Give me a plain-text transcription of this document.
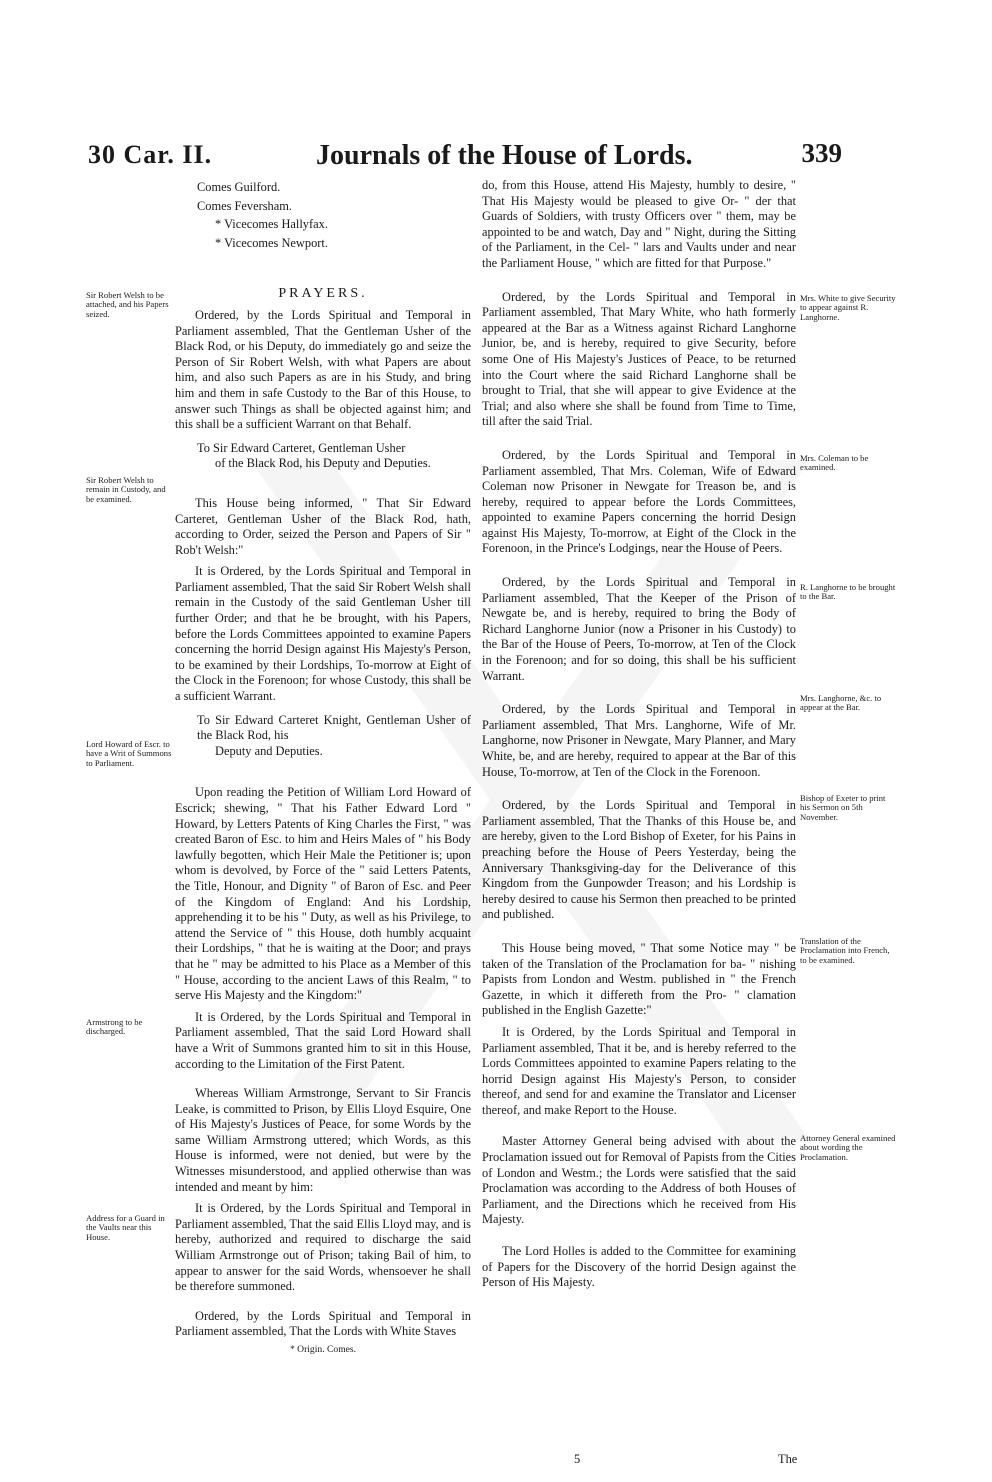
30 Car. II.	Journals of the House of Lords.	339
Comes Guilford.
Comes Feversham.
* Vicecomes Hallyfax.
* Vicecomes Newport.
PRAYERS.

Ordered, by the Lords Spiritual and Temporal in Parliament assembled, That the Gentleman Usher of the Black Rod, or his Deputy, do immediately go and seize the Person of Sir Robert Welsh, with what Papers are about him, and also such Papers as are in his Study, and bring him and them in safe Custody to the Bar of this House, to answer such Things as shall be objected against him; and this shall be a sufficient Warrant on that Behalf.

To Sir Edward Carteret, Gentleman Usher
of the Black Rod, his Deputy and Deputies.

This House being informed, " That Sir Edward Carteret, Gentleman Usher of the Black Rod, hath, according to Order, seized the Person and Papers of Sir " Rob't Welsh:"

It is Ordered, by the Lords Spiritual and Temporal in Parliament assembled, That the said Sir Robert Welsh shall remain in the Custody of the said Gentleman Usher till further Order; and that he be brought, with his Papers, before the Lords Committees appointed to examine Papers concerning the horrid Design against His Majesty's Person, to be examined by their Lordships, To-morrow at Eight of the Clock in the Forenoon; for whose Custody, this shall be a sufficient Warrant.

To Sir Edward Carteret Knight, Gentleman Usher of the Black Rod, his
Deputy and Deputies.

Upon reading the Petition of William Lord Howard of Escrick; shewing, " That his Father Edward Lord " Howard, by Letters Patents of King Charles the First, " was created Baron of Esc. to him and Heirs Males of " his Body lawfully begotten, which Heir Male the Petitioner is; upon whom is devolved, by Force of the " said Letters Patents, the Title, Honour, and Dignity " of Baron of Esc. and Peer of the Kingdom of England: And his Lordship, apprehending it to be his " Duty, as well as his Privilege, to attend the Service of " this House, doth humbly acquaint their Lordships, " that he is waiting at the Door; and prays that he " may be admitted to his Place as a Member of this " House, according to the ancient Laws of this Realm, " to serve His Majesty and the Kingdom:"

It is Ordered, by the Lords Spiritual and Temporal in Parliament assembled, That the said Lord Howard shall have a Writ of Summons granted him to sit in this House, according to the Limitation of the First Patent.

Whereas William Armstronge, Servant to Sir Francis Leake, is committed to Prison, by Ellis Lloyd Esquire, One of His Majesty's Justices of Peace, for some Words by the same William Armstrong uttered; which Words, as this House is informed, were not denied, but were by the Witnesses misunderstood, and applied otherwise than was intended and meant by him:

It is Ordered, by the Lords Spiritual and Temporal in Parliament assembled, That the said Ellis Lloyd may, and is hereby, authorized and required to discharge the said William Armstronge out of Prison; taking Bail of him, to appear to answer for the said Words, whensoever he shall be therefore summoned.

Ordered, by the Lords Spiritual and Temporal in Parliament assembled, That the Lords with White Staves

* Origin. Comes.

do, from this House, attend His Majesty, humbly to desire, " That His Majesty would be pleased to give Or- " der that Guards of Soldiers, with trusty Officers over " them, may be appointed to be and watch, Day and " Night, during the Sitting of the Parliament, in the Cel- " lars and Vaults under and near the Parliament House, " which are fitted for that Purpose."

Ordered, by the Lords Spiritual and Temporal in Parliament assembled, That Mary White, who hath formerly appeared at the Bar as a Witness against Richard Langhorne Junior, be, and is hereby, required to give Security, before some One of His Majesty's Justices of Peace, to be returned into the Court where the said Richard Langhorne shall be brought to Trial, that she will appear to give Evidence at the Trial; and also where she shall be found from Time to Time, till after the said Trial.

Ordered, by the Lords Spiritual and Temporal in Parliament assembled, That Mrs. Coleman, Wife of Edward Coleman now Prisoner in Newgate for Treason be, and is hereby, required to appear before the Lords Committees, appointed to examine Papers concerning the horrid Design against His Majesty, To-morrow, at Eight of the Clock in the Forenoon, in the Prince's Lodgings, near the House of Peers.

Ordered, by the Lords Spiritual and Temporal in Parliament assembled, That the Keeper of the Prison of Newgate be, and is hereby, required to bring the Body of Richard Langhorne Junior (now a Prisoner in his Custody) to the Bar of the House of Peers, To-morrow, at Ten of the Clock in the Forenoon; and for so doing, this shall be his sufficient Warrant.

Ordered, by the Lords Spiritual and Temporal in Parliament assembled, That Mrs. Langhorne, Wife of Mr. Langhorne, now Prisoner in Newgate, Mary Planner, and Mary White, be, and are hereby, required to appear at the Bar of this House, To-morrow, at Ten of the Clock in the Forenoon.

Ordered, by the Lords Spiritual and Temporal in Parliament assembled, That the Thanks of this House be, and are hereby, given to the Lord Bishop of Exeter, for his Pains in preaching before the House of Peers Yesterday, being the Anniversary Thanksgiving-day for the Deliverance of this Kingdom from the Gunpowder Treason; and his Lordship is hereby desired to cause his Sermon then preached to be printed and published.

This House being moved, " That some Notice may " be taken of the Translation of the Proclamation for ba- " nishing Papists from London and Westm. published in " the French Gazette, in which it differeth from the Pro- " clamation published in the English Gazette:"

It is Ordered, by the Lords Spiritual and Temporal in Parliament assembled, That it be, and is hereby referred to the Lords Committees appointed to examine Papers relating to the horrid Design against His Majesty's Person, to consider thereof, and send for and examine the Translator and Licenser thereof, and make Report to the House.

Master Attorney General being advised with about the Proclamation issued out for Removal of Papists from the Cities of London and Westm.; the Lords were satisfied that the said Proclamation was according to the Address of both Houses of Parliament, and the Directions which he received from His Majesty.

The Lord Holles is added to the Committee for examining of Papers for the Discovery of the horrid Design against the Person of His Majesty.

Sir Robert Welsh to be attached, and his Papers seized.
Sir Robert Welsh to remain in Custody, and be examined.
Lord Howard of Escr. to have a Writ of Summons to Parliament.
Armstrong to be discharged.
Address for a Guard in the Vaults near this House.
Mrs. White to give Security to appear against R. Langhorne.
Mrs. Coleman to be examined.
R. Langhorne to be brought to the Bar.
Mrs. Langhorne, &c. to appear at the Bar.
Bishop of Exeter to print his Sermon on 5th November.
Translation of the Proclamation into French, to be examined.
Attorney General examined about wording the Proclamation.
5	The
